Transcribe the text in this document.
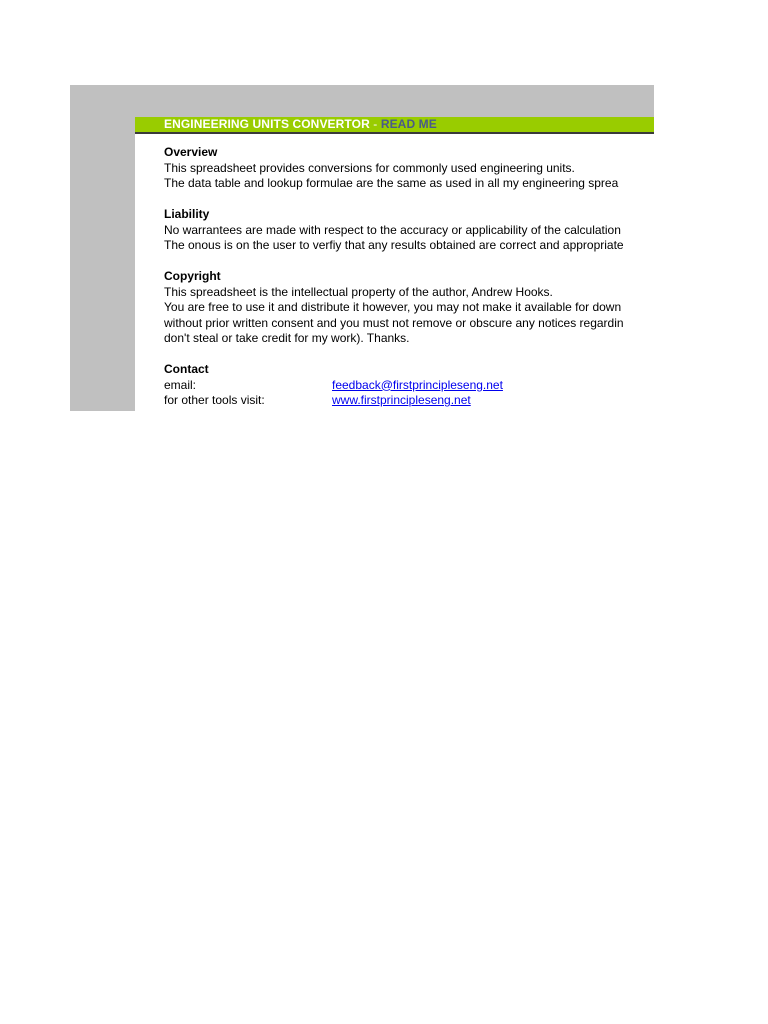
ENGINEERING UNITS CONVERTOR - READ ME
Overview
This spreadsheet provides conversions for commonly used engineering units.
The data table and lookup formulae are the same as used in all my engineering sprea
Liability
No warrantees are made with respect to the accuracy or applicability of the calculation
The onous is on the user to verfiy that any results obtained are correct and appropriate
Copyright
This spreadsheet is the intellectual property of the author, Andrew Hooks.
You are free to use it and distribute it however, you may not make it available for down
without prior written consent and you must not remove or obscure any notices regardin
don't steal or take credit for my work). Thanks.
Contact
email:	feedback@firstprincipleseng.net
for other tools visit:	www.firstprincipleseng.net
